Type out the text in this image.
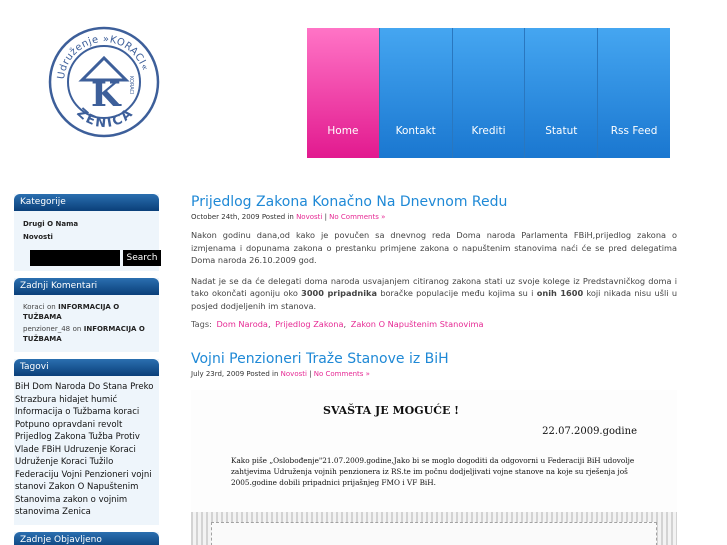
Udruženje »KORACI«
ZENICA
K KORACI
Home	Kontakt	Krediti	Statut	Rss Feed
Kategorije
Drugi O Nama
Novosti
Search
Zadnji Komentari
Koraci on INFORMACIJA O TUŽBAMA
penzioner_48 on INFORMACIJA O TUŽBAMA
Tagovi
BiH Dom Naroda Do Stana Preko Strazbura hidajet humić Informacija o Tužbama koraci Potpuno opravdani revolt Prijedlog Zakona Tužba Protiv Vlade FBiH Udruzenje Koraci Udruženje Koraci Tužilo Federaciju Vojni Penzioneri vojni stanovi Zakon O Napuštenim Stanovima zakon o vojnim stanovima Zenica
Zadnje Objavljeno
Prijedlog Zakona Konačno Na Dnevnom Redu
October 24th, 2009 Posted in Novosti | No Comments »

Nakon godinu dana,od kako je povučen sa dnevnog reda Doma naroda Parlamenta FBiH,prijedlog zakona o izmjenama i dopunama zakona o prestanku primjene zakona o napuštenim stanovima naći će se pred delegatima Doma naroda 26.10.2009 god.

Nadat je se da će delegati doma naroda usvajanjem citiranog zakona stati uz svoje kolege iz Predstavničkog doma i tako okončati agoniju oko 3000 pripadnika boračke populacije među kojima su i onih 1600 koji nikada nisu ušli u posjed dodjeljenih im stanova.

Tags: Dom Naroda, Prijedlog Zakona, Zakon O Napuštenim Stanovima
Vojni Penzioneri Traže Stanove iz BiH
July 23rd, 2009 Posted in Novosti | No Comments »
SVAŠTA JE MOGUĆE !
22.07.2009.godine
Kako piše „Oslobođenje"21.07.2009.godine,Jako bi se moglo dogoditi da odgovorni u Federaciji BiH udovolje zahtjevima Udruženja vojnih penzionera iz RS.te im počnu dodjeljivati vojne stanove na koje su rješenja još 2005.godine dobili pripadnici prijašnjeg FMO i VF BiH.
